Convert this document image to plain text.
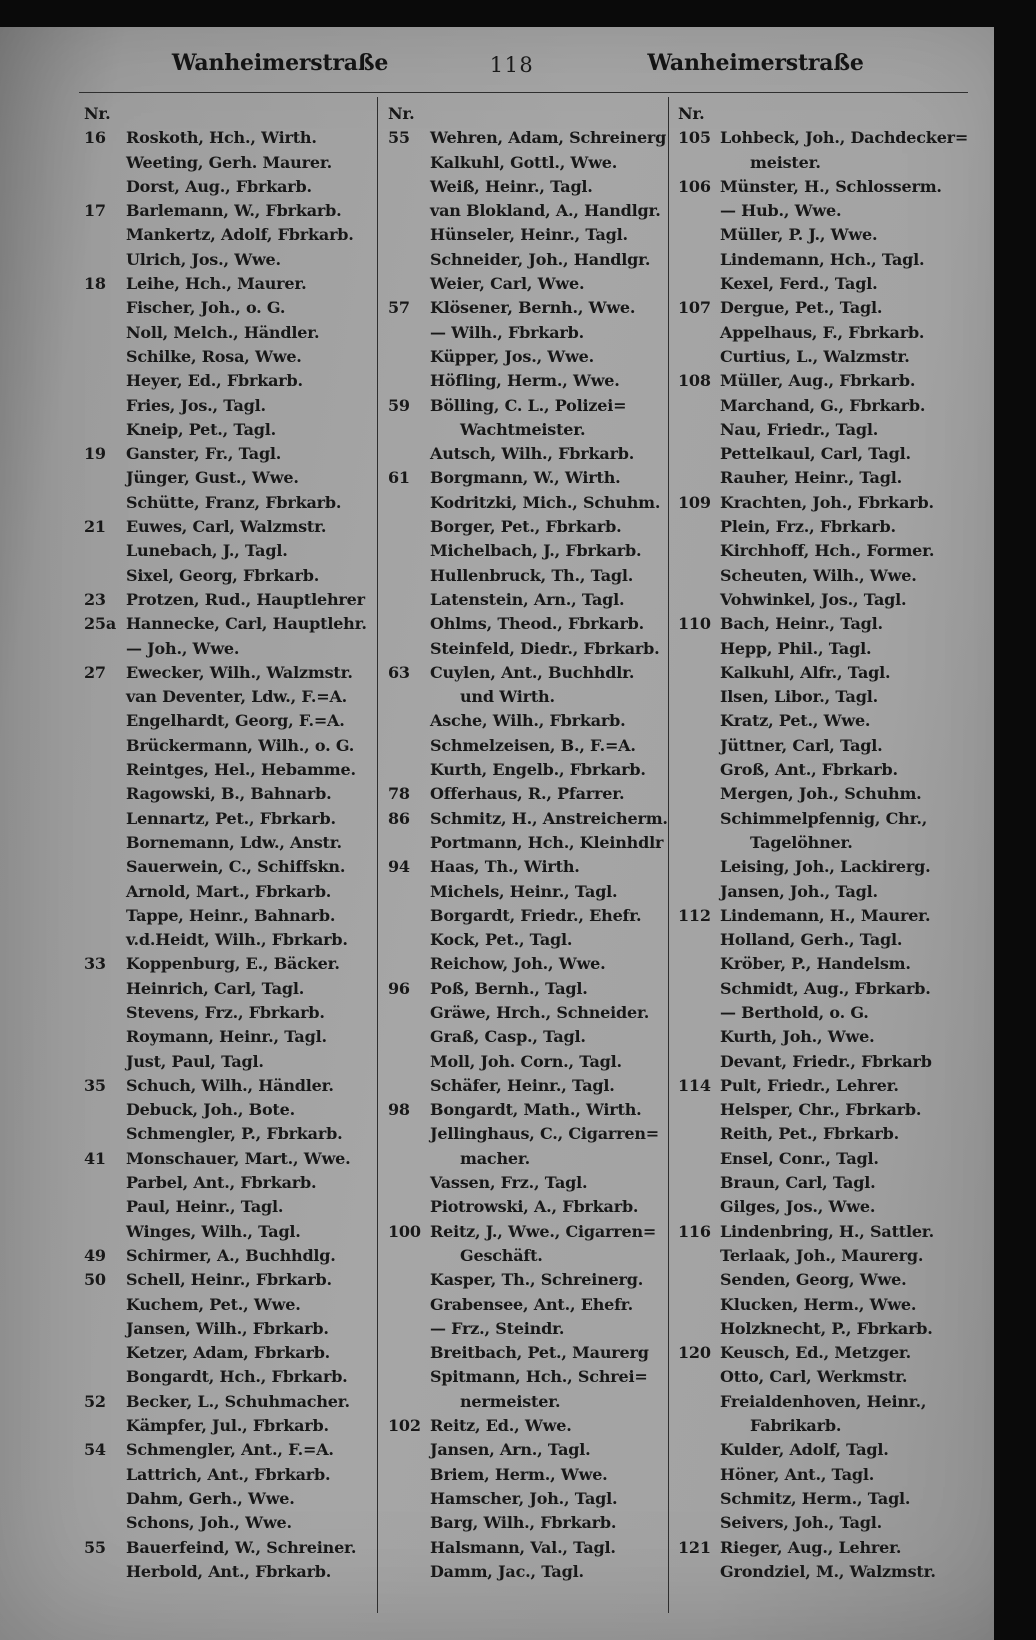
Wanheimerstraße	118	Wanheimerstraße
Nr.
16	Roskoth, Hch., Wirth.
Weeting, Gerh. Maurer.
Dorst, Aug., Fbrkarb.
17	Barlemann, W., Fbrkarb.
Mankertz, Adolf, Fbrkarb.
Ulrich, Jos., Wwe.
18	Leihe, Hch., Maurer.
Fischer, Joh., o. G.
Noll, Melch., Händler.
Schilke, Rosa, Wwe.
Heyer, Ed., Fbrkarb.
Fries, Jos., Tagl.
Kneip, Pet., Tagl.
19	Ganster, Fr., Tagl.
Jünger, Gust., Wwe.
Schütte, Franz, Fbrkarb.
21	Euwes, Carl, Walzmstr.
Lunebach, J., Tagl.
Sixel, Georg, Fbrkarb.
23	Protzen, Rud., Hauptlehrer
25a Hannecke, Carl, Hauptlehr.
— Joh., Wwe.
27	Ewecker, Wilh., Walzmstr.
van Deventer, Ldw., F.=A.
Engelhardt, Georg, F.=A.
Brückermann, Wilh., o. G.
Reintges, Hel., Hebamme.
Ragowski, B., Bahnarb.
Lennartz, Pet., Fbrkarb.
Bornemann, Ldw., Anstr.
Sauerwein, C., Schiffskn.
Arnold, Mart., Fbrkarb.
Tappe, Heinr., Bahnarb.
v.d.Heidt, Wilh., Fbrkarb.
33	Koppenburg, E., Bäcker.
Heinrich, Carl, Tagl.
Stevens, Frz., Fbrkarb.
Roymann, Heinr., Tagl.
Just, Paul, Tagl.
35	Schuch, Wilh., Händler.
Debuck, Joh., Bote.
Schmengler, P., Fbrkarb.
41	Monschauer, Mart., Wwe.
Parbel, Ant., Fbrkarb.
Paul, Heinr., Tagl.
Winges, Wilh., Tagl.
49	Schirmer, A., Buchhdlg.
50	Schell, Heinr., Fbrkarb.
Kuchem, Pet., Wwe.
Jansen, Wilh., Fbrkarb.
Ketzer, Adam, Fbrkarb.
Bongardt, Hch., Fbrkarb.
52	Becker, L., Schuhmacher.
Kämpfer, Jul., Fbrkarb.
54	Schmengler, Ant., F.=A.
Lattrich, Ant., Fbrkarb.
Dahm, Gerh., Wwe.
Schons, Joh., Wwe.
55	Bauerfeind, W., Schreiner.
Herbold, Ant., Fbrkarb.
Nr.
55	Wehren, Adam, Schreinerg
Kalkuhl, Gottl., Wwe.
Weiß, Heinr., Tagl.
van Blokland, A., Handlgr.
Hünseler, Heinr., Tagl.
Schneider, Joh., Handlgr.
Weier, Carl, Wwe.
57	Klösener, Bernh., Wwe.
— Wilh., Fbrkarb.
Küpper, Jos., Wwe.
Höfling, Herm., Wwe.
59	Bölling, C. L., Polizei=
Wachtmeister.
Autsch, Wilh., Fbrkarb.
61	Borgmann, W., Wirth.
Kodritzki, Mich., Schuhm.
Borger, Pet., Fbrkarb.
Michelbach, J., Fbrkarb.
Hullenbruck, Th., Tagl.
Latenstein, Arn., Tagl.
Ohlms, Theod., Fbrkarb.
Steinfeld, Diedr., Fbrkarb.
63	Cuylen, Ant., Buchhdlr.
und Wirth.
Asche, Wilh., Fbrkarb.
Schmelzeisen, B., F.=A.
Kurth, Engelb., Fbrkarb.
78	Offerhaus, R., Pfarrer.
86	Schmitz, H., Anstreicherm.
Portmann, Hch., Kleinhdlr
94	Haas, Th., Wirth.
Michels, Heinr., Tagl.
Borgardt, Friedr., Ehefr.
Kock, Pet., Tagl.
Reichow, Joh., Wwe.
96	Poß, Bernh., Tagl.
Gräwe, Hrch., Schneider.
Graß, Casp., Tagl.
Moll, Joh. Corn., Tagl.
Schäfer, Heinr., Tagl.
98	Bongardt, Math., Wirth.
Jellinghaus, C., Cigarren=
macher.
Vassen, Frz., Tagl.
Piotrowski, A., Fbrkarb.
100 Reitz, J., Wwe., Cigarren=
Geschäft.
Kasper, Th., Schreinerg.
Grabensee, Ant., Ehefr.
— Frz., Steindr.
Breitbach, Pet., Maurerg
Spitmann, Hch., Schrei=
nermeister.
102 Reitz, Ed., Wwe.
Jansen, Arn., Tagl.
Briem, Herm., Wwe.
Hamscher, Joh., Tagl.
Barg, Wilh., Fbrkarb.
Halsmann, Val., Tagl.
Damm, Jac., Tagl.
Nr.
105 Lohbeck, Joh., Dachdecker=
meister.
106 Münster, H., Schlosserm.
— Hub., Wwe.
Müller, P. J., Wwe.
Lindemann, Hch., Tagl.
Kexel, Ferd., Tagl.
107 Dergue, Pet., Tagl.
Appelhaus, F., Fbrkarb.
Curtius, L., Walzmstr.
108 Müller, Aug., Fbrkarb.
Marchand, G., Fbrkarb.
Nau, Friedr., Tagl.
Pettelkaul, Carl, Tagl.
Rauher, Heinr., Tagl.
109 Krachten, Joh., Fbrkarb.
Plein, Frz., Fbrkarb.
Kirchhoff, Hch., Former.
Scheuten, Wilh., Wwe.
Vohwinkel, Jos., Tagl.
110 Bach, Heinr., Tagl.
Hepp, Phil., Tagl.
Kalkuhl, Alfr., Tagl.
Ilsen, Libor., Tagl.
Kratz, Pet., Wwe.
Jüttner, Carl, Tagl.
Groß, Ant., Fbrkarb.
Mergen, Joh., Schuhm.
Schimmelpfennig, Chr.,
Tagelöhner.
Leising, Joh., Lackirerg.
Jansen, Joh., Tagl.
112 Lindemann, H., Maurer.
Holland, Gerh., Tagl.
Kröber, P., Handelsm.
Schmidt, Aug., Fbrkarb.
— Berthold, o. G.
Kurth, Joh., Wwe.
Devant, Friedr., Fbrkarb
114 Pult, Friedr., Lehrer.
Helsper, Chr., Fbrkarb.
Reith, Pet., Fbrkarb.
Ensel, Conr., Tagl.
Braun, Carl, Tagl.
Gilges, Jos., Wwe.
116 Lindenbring, H., Sattler.
Terlaak, Joh., Maurerg.
Senden, Georg, Wwe.
Klucken, Herm., Wwe.
Holzknecht, P., Fbrkarb.
120 Keusch, Ed., Metzger.
Otto, Carl, Werkmstr.
Freialdenhoven, Heinr.,
Fabrikarb.
Kulder, Adolf, Tagl.
Höner, Ant., Tagl.
Schmitz, Herm., Tagl.
Seivers, Joh., Tagl.
121 Rieger, Aug., Lehrer.
Grondziel, M., Walzmstr.
